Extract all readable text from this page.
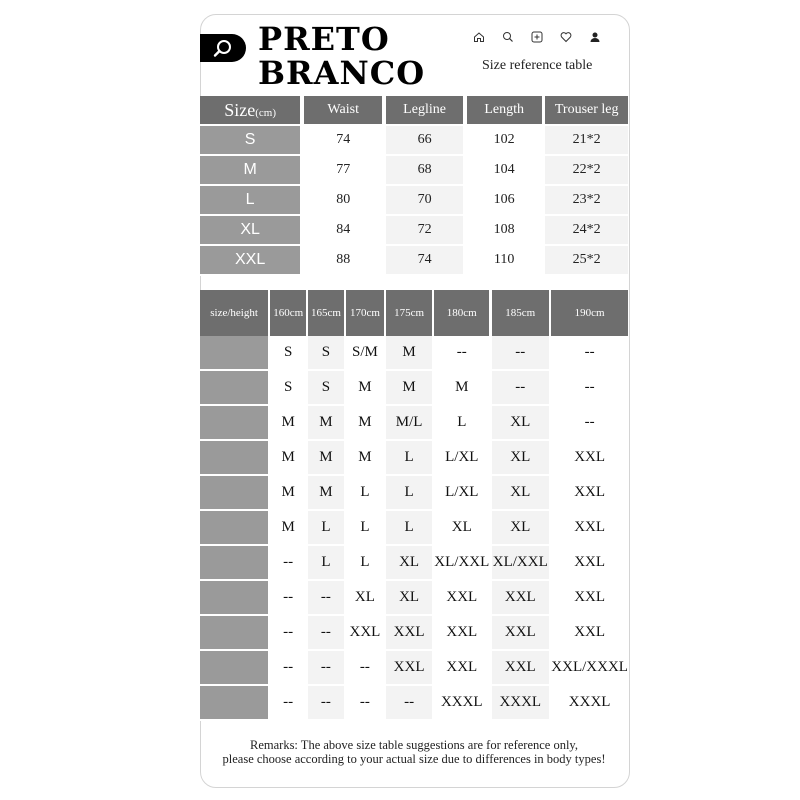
PRETO
BRANCO	Size reference table
Size(cm)		Waist		Legline		Length		Trouser leg
S		74		66		102		21*2
M		77		68		104		22*2
L		80		70		106		23*2
XL		84		72		108		24*2
XXL		88		74		110		25*2
size/height		160cm		165cm		170cm		175cm		180cm		185cm		190cm
		S		S		S/M		M		--		--		--
		S		S		M		M		M		--		--
		M		M		M		M/L		L		XL		--
		M		M		M		L		L/XL		XL		XXL
		M		M		L		L		L/XL		XL		XXL
		M		L		L		L		XL		XL		XXL
		--		L		L		XL		XL/XXL		XL/XXL		XXL
		--		--		XL		XL		XXL		XXL		XXL
		--		--		XXL		XXL		XXL		XXL		XXL
		--		--		--		XXL		XXL		XXL		XXL/XXXL
		--		--		--		--		XXXL		XXXL		XXXL
Remarks: The above size table suggestions are for reference only,
please choose according to your actual size due to differences in body types!
